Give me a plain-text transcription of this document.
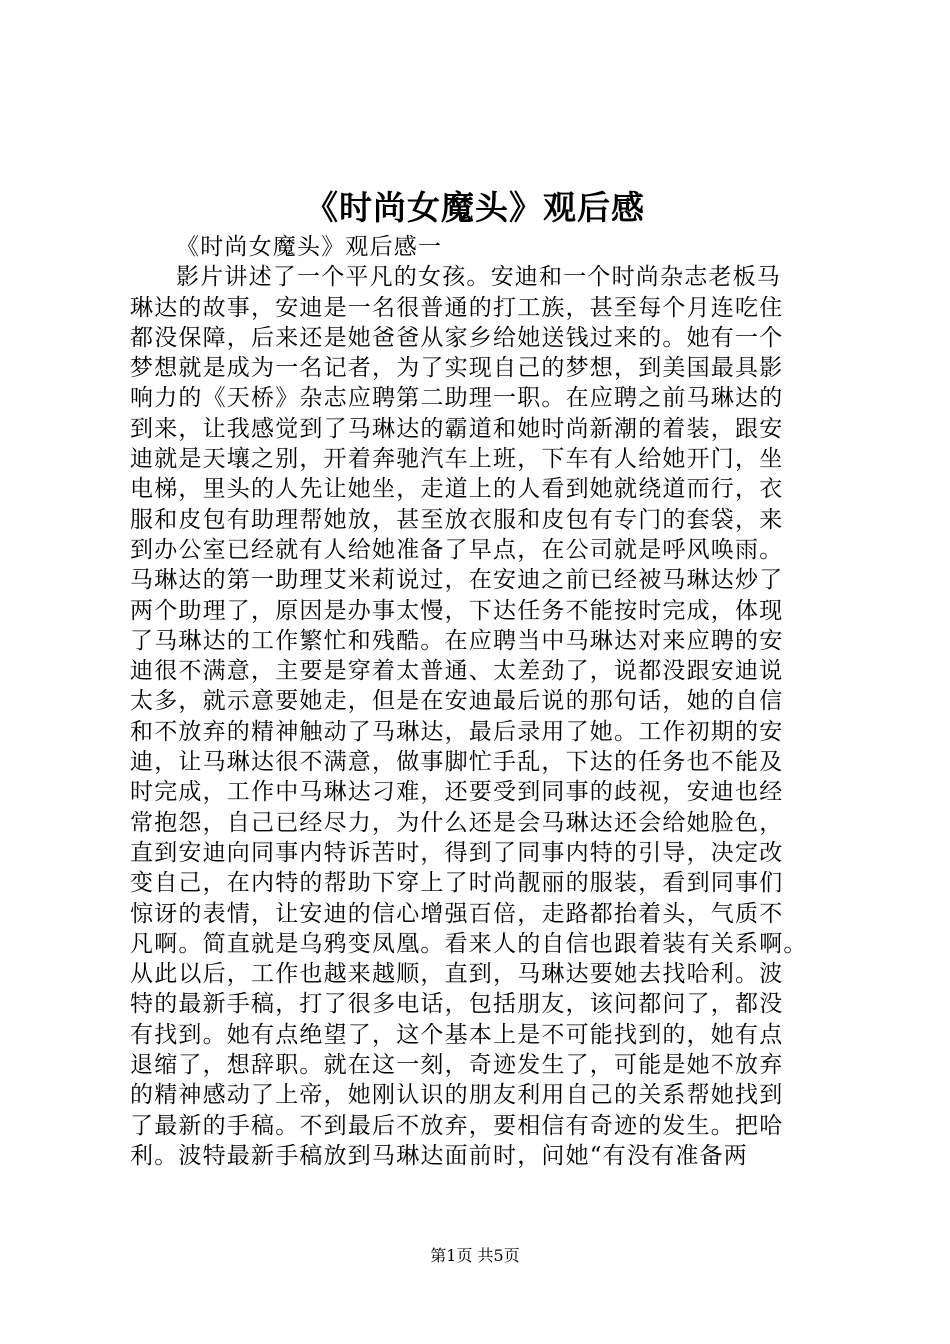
《时尚女魔头》观后感
《时尚女魔头》观后感一
影片讲述了一个平凡的女孩。安迪和一个时尚杂志老板马
琳达的故事，安迪是一名很普通的打工族，甚至每个月连吃住
都没保障，后来还是她爸爸从家乡给她送钱过来的。她有一个
梦想就是成为一名记者，为了实现自己的梦想，到美国最具影
响力的《天桥》杂志应聘第二助理一职。在应聘之前马琳达的
到来，让我感觉到了马琳达的霸道和她时尚新潮的着装，跟安
迪就是天壤之别，开着奔驰汽车上班，下车有人给她开门，坐
电梯，里头的人先让她坐，走道上的人看到她就绕道而行，衣
服和皮包有助理帮她放，甚至放衣服和皮包有专门的套袋，来
到办公室已经就有人给她准备了早点，在公司就是呼风唤雨。
马琳达的第一助理艾米莉说过，在安迪之前已经被马琳达炒了
两个助理了，原因是办事太慢，下达任务不能按时完成，体现
了马琳达的工作繁忙和残酷。在应聘当中马琳达对来应聘的安
迪很不满意，主要是穿着太普通、太差劲了，说都没跟安迪说
太多，就示意要她走，但是在安迪最后说的那句话，她的自信
和不放弃的精神触动了马琳达，最后录用了她。工作初期的安
迪，让马琳达很不满意，做事脚忙手乱，下达的任务也不能及
时完成，工作中马琳达刁难，还要受到同事的歧视，安迪也经
常抱怨，自己已经尽力，为什么还是会马琳达还会给她脸色，
直到安迪向同事内特诉苦时，得到了同事内特的引导，决定改
变自己，在内特的帮助下穿上了时尚靓丽的服装，看到同事们
惊讶的表情，让安迪的信心增强百倍，走路都抬着头，气质不
凡啊。简直就是乌鸦变凤凰。看来人的自信也跟着装有关系啊。
从此以后，工作也越来越顺，直到，马琳达要她去找哈利。波
特的最新手稿，打了很多电话，包括朋友，该问都问了，都没
有找到。她有点绝望了，这个基本上是不可能找到的，她有点
退缩了，想辞职。就在这一刻，奇迹发生了，可能是她不放弃
的精神感动了上帝，她刚认识的朋友利用自己的关系帮她找到
了最新的手稿。不到最后不放弃，要相信有奇迹的发生。把哈
利。波特最新手稿放到马琳达面前时，问她“有没有准备两
第1页 共5页
